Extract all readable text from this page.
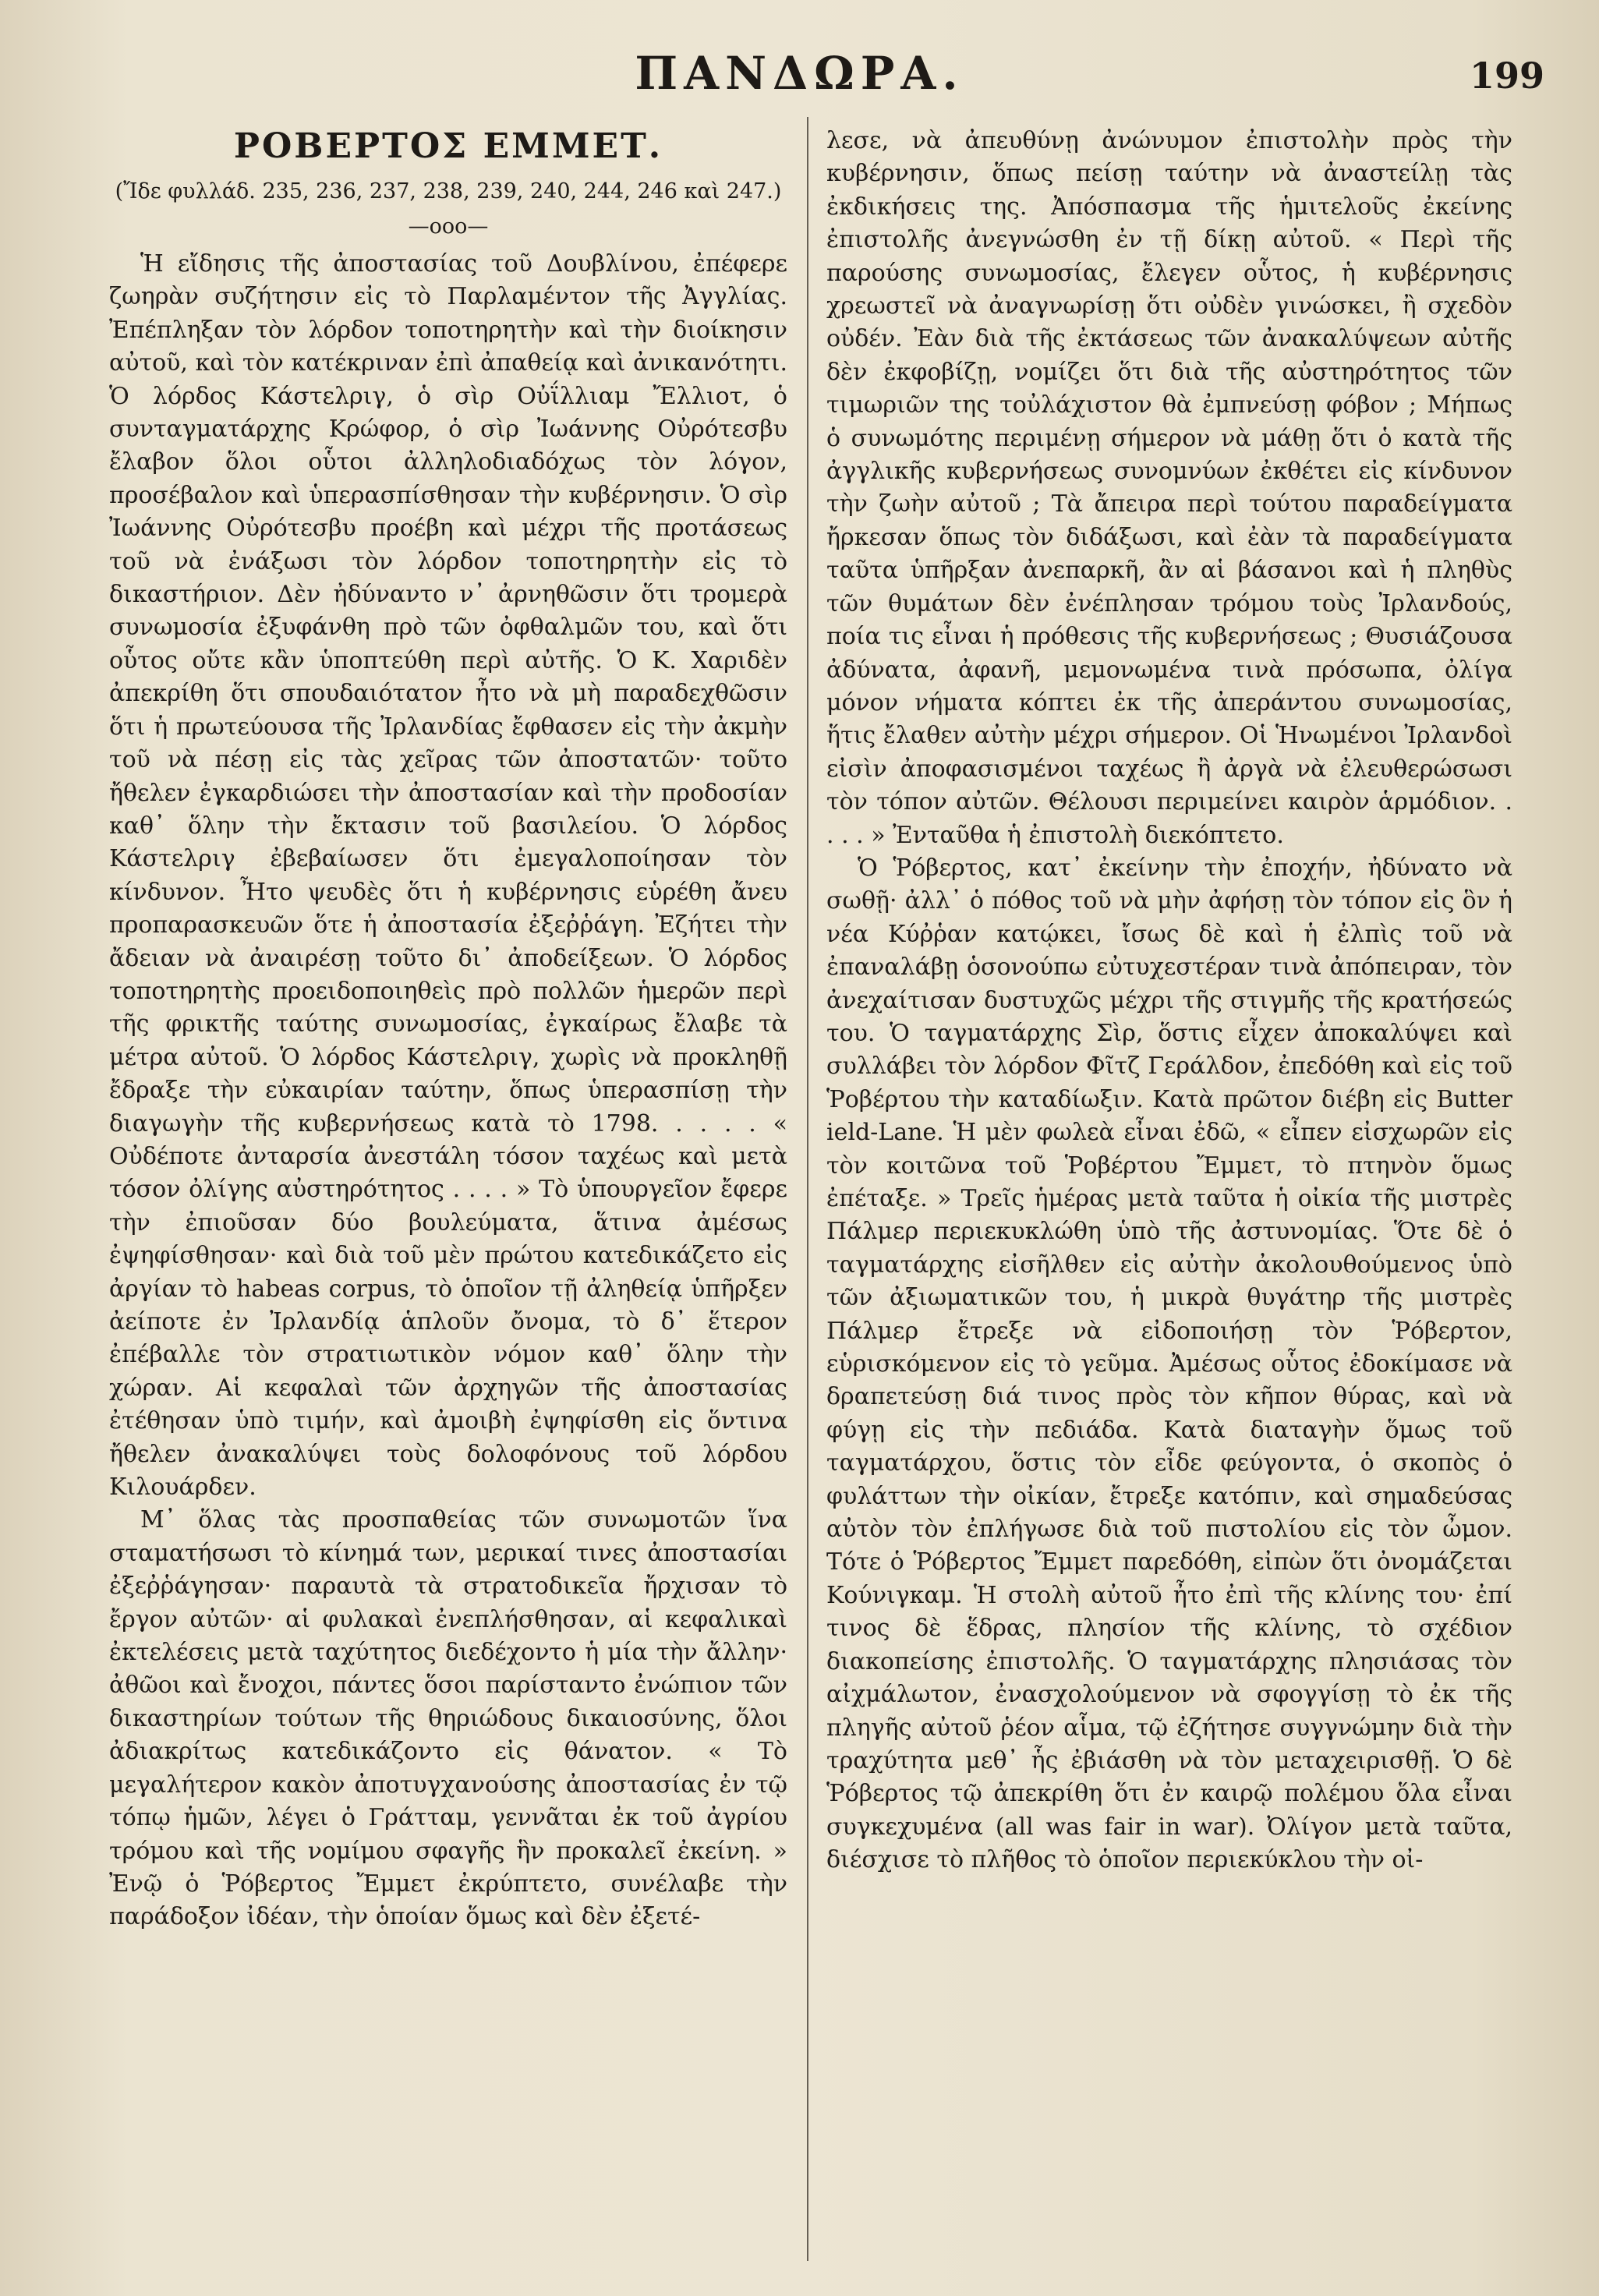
ΠΑΝΔΩΡΑ.	199
ΡΟΒΕΡΤΟΣ ΕΜΜΕΤ.
(Ἴδε φυλλάδ. 235, 236, 237, 238, 239, 240, 244, 246 καὶ 247.)
—ooo—

Ἡ εἴδησις τῆς ἀποστασίας τοῦ Δουβλίνου, ἐπέφερε ζωηρὰν συζήτησιν εἰς τὸ Παρλαμέντον τῆς Ἀγγλίας. Ἐπέπληξαν τὸν λόρδον τοποτηρητὴν καὶ τὴν διοίκησιν αὐτοῦ, καὶ τὸν κατέκριναν ἐπὶ ἀπαθείᾳ καὶ ἀνικανότητι. Ὁ λόρδος Κάστελριγ, ὁ σὶρ Οὐΐλλιαμ Ἔλλιοτ, ὁ συνταγματάρχης Κρώφορ, ὁ σὶρ Ἰωάννης Οὐρότεσβυ ἔλαβον ὅλοι οὗτοι ἀλληλοδιαδόχως τὸν λόγον, προσέβαλον καὶ ὑπερασπίσθησαν τὴν κυβέρνησιν. Ὁ σὶρ Ἰωάννης Οὐρότεσβυ προέβη καὶ μέχρι τῆς προτάσεως τοῦ νὰ ἐνάξωσι τὸν λόρδον τοποτηρητὴν εἰς τὸ δικαστήριον. Δὲν ἠδύναντο ν᾽ ἀρνηθῶσιν ὅτι τρομερὰ συνωμοσία ἐξυφάνθη πρὸ τῶν ὀφθαλμῶν του, καὶ ὅτι οὗτος οὔτε κἂν ὑποπτεύθη περὶ αὐτῆς. Ὁ Κ. Χαριδὲν ἀπεκρίθη ὅτι σπουδαιότατον ἦτο νὰ μὴ παραδεχθῶσιν ὅτι ἡ πρωτεύουσα τῆς Ἰρλανδίας ἔφθασεν εἰς τὴν ἀκμὴν τοῦ νὰ πέσῃ εἰς τὰς χεῖρας τῶν ἀποστατῶν· τοῦτο ἤθελεν ἐγκαρδιώσει τὴν ἀποστασίαν καὶ τὴν προδοσίαν καθ᾽ ὅλην τὴν ἔκτασιν τοῦ βασιλείου. Ὁ λόρδος Κάστελριγ ἐβεβαίωσεν ὅτι ἐμεγαλοποίησαν τὸν κίνδυνον. Ἦτο ψευδὲς ὅτι ἡ κυβέρνησις εὑρέθη ἄνευ προπαρασκευῶν ὅτε ἡ ἀποστασία ἐξεῤῥάγη. Ἐζήτει τὴν ἄδειαν νὰ ἀναιρέσῃ τοῦτο δι᾽ ἀποδείξεων. Ὁ λόρδος τοποτηρητὴς προειδοποιηθεὶς πρὸ πολλῶν ἡμερῶν περὶ τῆς φρικτῆς ταύτης συνωμοσίας, ἐγκαίρως ἔλαβε τὰ μέτρα αὐτοῦ. Ὁ λόρδος Κάστελριγ, χωρὶς νὰ προκληθῇ ἔδραξε τὴν εὐκαιρίαν ταύτην, ὅπως ὑπερασπίσῃ τὴν διαγωγὴν τῆς κυβερνήσεως κατὰ τὸ 1798. . . . . « Οὐδέποτε ἀνταρσία ἀνεστάλη τόσον ταχέως καὶ μετὰ τόσον ὀλίγης αὐστηρότητος . . . . » Τὸ ὑπουργεῖον ἔφερε τὴν ἐπιοῦσαν δύο βουλεύματα, ἅτινα ἀμέσως ἐψηφίσθησαν· καὶ διὰ τοῦ μὲν πρώτου κατεδικάζετο εἰς ἀργίαν τὸ habeas corpus, τὸ ὁποῖον τῇ ἀληθείᾳ ὑπῆρξεν ἀείποτε ἐν Ἰρλανδίᾳ ἁπλοῦν ὄνομα, τὸ δ᾽ ἕτερον ἐπέβαλλε τὸν στρατιωτικὸν νόμον καθ᾽ ὅλην τὴν χώραν. Αἱ κεφαλαὶ τῶν ἀρχηγῶν τῆς ἀποστασίας ἐτέθησαν ὑπὸ τιμήν, καὶ ἀμοιβὴ ἐψηφίσθη εἰς ὅντινα ἤθελεν ἀνακαλύψει τοὺς δολοφόνους τοῦ λόρδου Κιλουάρδεν.

Μ᾽ ὅλας τὰς προσπαθείας τῶν συνωμοτῶν ἵνα σταματήσωσι τὸ κίνημά των, μερικαί τινες ἀποστασίαι ἐξεῤῥάγησαν· παραυτὰ τὰ στρατοδικεῖα ἤρχισαν τὸ ἔργον αὐτῶν· αἱ φυλακαὶ ἐνεπλήσθησαν, αἱ κεφαλικαὶ ἐκτελέσεις μετὰ ταχύτητος διεδέχοντο ἡ μία τὴν ἄλλην· ἀθῶοι καὶ ἔνοχοι, πάντες ὅσοι παρίσταντο ἐνώπιον τῶν δικαστηρίων τούτων τῆς θηριώδους δικαιοσύνης, ὅλοι ἀδιακρίτως κατεδικάζοντο εἰς θάνατον. « Τὸ μεγαλήτερον κακὸν ἀποτυγχανούσης ἀποστασίας ἐν τῷ τόπῳ ἡμῶν, λέγει ὁ Γράτταμ, γεννᾶται ἐκ τοῦ ἀγρίου τρόμου καὶ τῆς νομίμου σφαγῆς ἣν προκαλεῖ ἐκείνη. » Ἐνῷ ὁ Ῥόβερτος Ἔμμετ ἐκρύπτετο, συνέλαβε τὴν παράδοξον ἰδέαν, τὴν ὁποίαν ὅμως καὶ δὲν ἐξετέ-

λεσε, νὰ ἀπευθύνῃ ἀνώνυμον ἐπιστολὴν πρὸς τὴν κυβέρνησιν, ὅπως πείσῃ ταύτην νὰ ἀναστείλῃ τὰς ἐκδικήσεις της. Ἀπόσπασμα τῆς ἡμιτελοῦς ἐκείνης ἐπιστολῆς ἀνεγνώσθη ἐν τῇ δίκῃ αὐτοῦ. « Περὶ τῆς παρούσης συνωμοσίας, ἔλεγεν οὗτος, ἡ κυβέρνησις χρεωστεῖ νὰ ἀναγνωρίσῃ ὅτι οὐδὲν γινώσκει, ἢ σχεδὸν οὐδέν. Ἐὰν διὰ τῆς ἐκτάσεως τῶν ἀνακαλύψεων αὐτῆς δὲν ἐκφοβίζῃ, νομίζει ὅτι διὰ τῆς αὐστηρότητος τῶν τιμωριῶν της τοὐλάχιστον θὰ ἐμπνεύσῃ φόβον ; Μήπως ὁ συνωμότης περιμένῃ σήμερον νὰ μάθῃ ὅτι ὁ κατὰ τῆς ἀγγλικῆς κυβερνήσεως συνομνύων ἐκθέτει εἰς κίνδυνον τὴν ζωὴν αὐτοῦ ; Τὰ ἄπειρα περὶ τούτου παραδείγματα ἤρκεσαν ὅπως τὸν διδάξωσι, καὶ ἐὰν τὰ παραδείγματα ταῦτα ὑπῆρξαν ἀνεπαρκῆ, ἂν αἱ βάσανοι καὶ ἡ πληθὺς τῶν θυμάτων δὲν ἐνέπλησαν τρόμου τοὺς Ἰρλανδούς, ποία τις εἶναι ἡ πρόθεσις τῆς κυβερνήσεως ; Θυσιάζουσα ἀδύνατα, ἀφανῆ, μεμονωμένα τινὰ πρόσωπα, ὀλίγα μόνον νήματα κόπτει ἐκ τῆς ἀπεράντου συνωμοσίας, ἥτις ἔλαθεν αὐτὴν μέχρι σήμερον. Οἱ Ἡνωμένοι Ἰρλανδοὶ εἰσὶν ἀποφασισμένοι ταχέως ἢ ἀργὰ νὰ ἐλευθερώσωσι τὸν τόπον αὐτῶν. Θέλουσι περιμείνει καιρὸν ἁρμόδιον. . . . . » Ἐνταῦθα ἡ ἐπιστολὴ διεκόπτετο.

Ὁ Ῥόβερτος, κατ᾽ ἐκείνην τὴν ἐποχήν, ἠδύνατο νὰ σωθῇ· ἀλλ᾽ ὁ πόθος τοῦ νὰ μὴν ἀφήσῃ τὸν τόπον εἰς ὃν ἡ νέα Κύῤῥαν κατῴκει, ἴσως δὲ καὶ ἡ ἐλπὶς τοῦ νὰ ἐπαναλάβῃ ὁσονούπω εὐτυχεστέραν τινὰ ἀπόπειραν, τὸν ἀνεχαίτισαν δυστυχῶς μέχρι τῆς στιγμῆς τῆς κρατήσεώς του. Ὁ ταγματάρχης Σὶρ, ὅστις εἶχεν ἀποκαλύψει καὶ συλλάβει τὸν λόρδον Φῖτζ Γεράλδον, ἐπεδόθη καὶ εἰς τοῦ Ῥοβέρτου τὴν καταδίωξιν. Κατὰ πρῶτον διέβη εἰς Butter ield-Lane. Ἡ μὲν φωλεὰ εἶναι ἐδῶ, « εἶπεν εἰσχωρῶν εἰς τὸν κοιτῶνα τοῦ Ῥοβέρτου Ἔμμετ, τὸ πτηνὸν ὅμως ἐπέταξε. » Τρεῖς ἡμέρας μετὰ ταῦτα ἡ οἰκία τῆς μιστρὲς Πάλμερ περιεκυκλώθη ὑπὸ τῆς ἀστυνομίας. Ὅτε δὲ ὁ ταγματάρχης εἰσῆλθεν εἰς αὐτὴν ἀκολουθούμενος ὑπὸ τῶν ἀξιωματικῶν του, ἡ μικρὰ θυγάτηρ τῆς μιστρὲς Πάλμερ ἔτρεξε νὰ εἰδοποιήσῃ τὸν Ῥόβερτον, εὑρισκόμενον εἰς τὸ γεῦμα. Ἀμέσως οὗτος ἐδοκίμασε νὰ δραπετεύσῃ διά τινος πρὸς τὸν κῆπον θύρας, καὶ νὰ φύγῃ εἰς τὴν πεδιάδα. Κατὰ διαταγὴν ὅμως τοῦ ταγματάρχου, ὅστις τὸν εἶδε φεύγοντα, ὁ σκοπὸς ὁ φυλάττων τὴν οἰκίαν, ἔτρεξε κατόπιν, καὶ σημαδεύσας αὐτὸν τὸν ἐπλήγωσε διὰ τοῦ πιστολίου εἰς τὸν ὦμον. Τότε ὁ Ῥόβερτος Ἔμμετ παρεδόθη, εἰπὼν ὅτι ὀνομάζεται Κούνιγκαμ. Ἡ στολὴ αὐτοῦ ἦτο ἐπὶ τῆς κλίνης του· ἐπί τινος δὲ ἕδρας, πλησίον τῆς κλίνης, τὸ σχέδιον διακοπείσης ἐπιστολῆς. Ὁ ταγματάρχης πλησιάσας τὸν αἰχμάλωτον, ἐνασχολούμενον νὰ σφογγίσῃ τὸ ἐκ τῆς πληγῆς αὐτοῦ ῥέον αἷμα, τῷ ἐζήτησε συγγνώμην διὰ τὴν τραχύτητα μεθ᾽ ἧς ἐβιάσθη νὰ τὸν μεταχειρισθῇ. Ὁ δὲ Ῥόβερτος τῷ ἀπεκρίθη ὅτι ἐν καιρῷ πολέμου ὅλα εἶναι συγκεχυμένα (all was fair in war). Ὀλίγον μετὰ ταῦτα, διέσχισε τὸ πλῆθος τὸ ὁποῖον περιεκύκλου τὴν οἰ-
